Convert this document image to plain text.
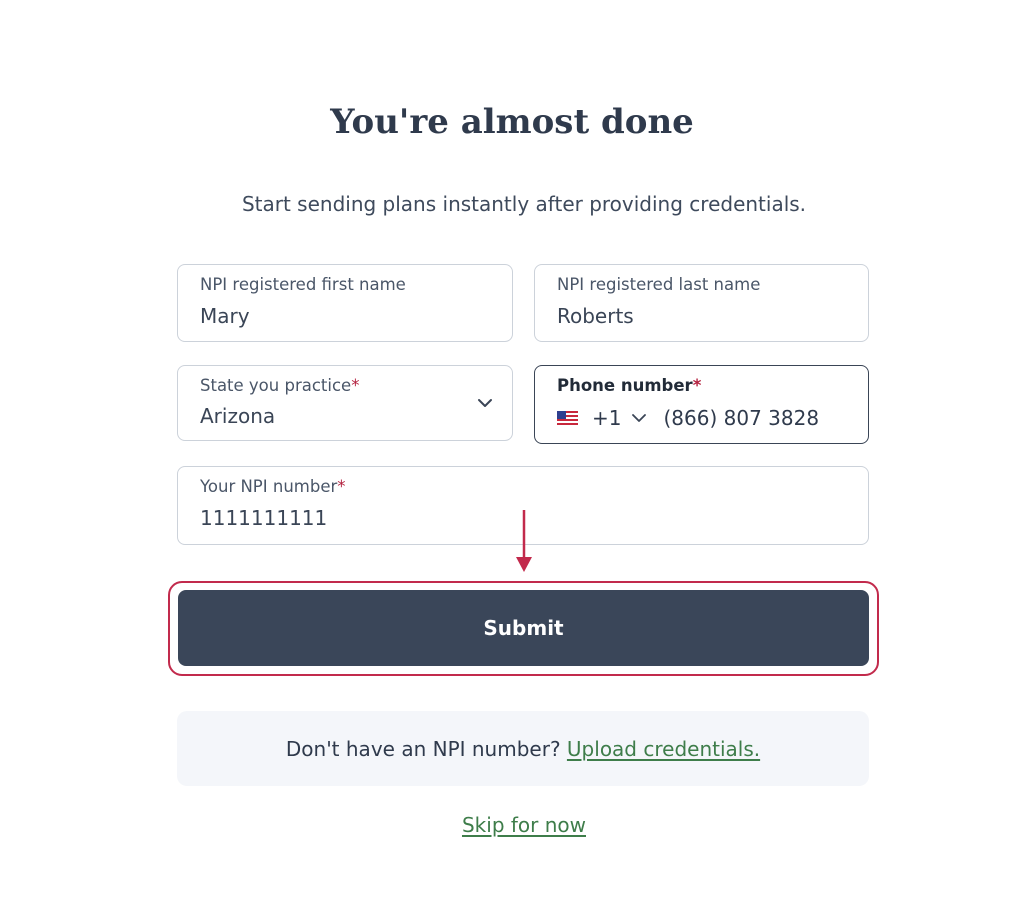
You're almost done
Start sending plans instantly after providing credentials.
NPI registered first name
Mary
NPI registered last name
Roberts
State you practice*
Arizona
Phone number*
+1 (866) 807 3828
Your NPI number*
1111111111
Submit
Don't have an NPI number?
Upload credentials.
Skip for now
